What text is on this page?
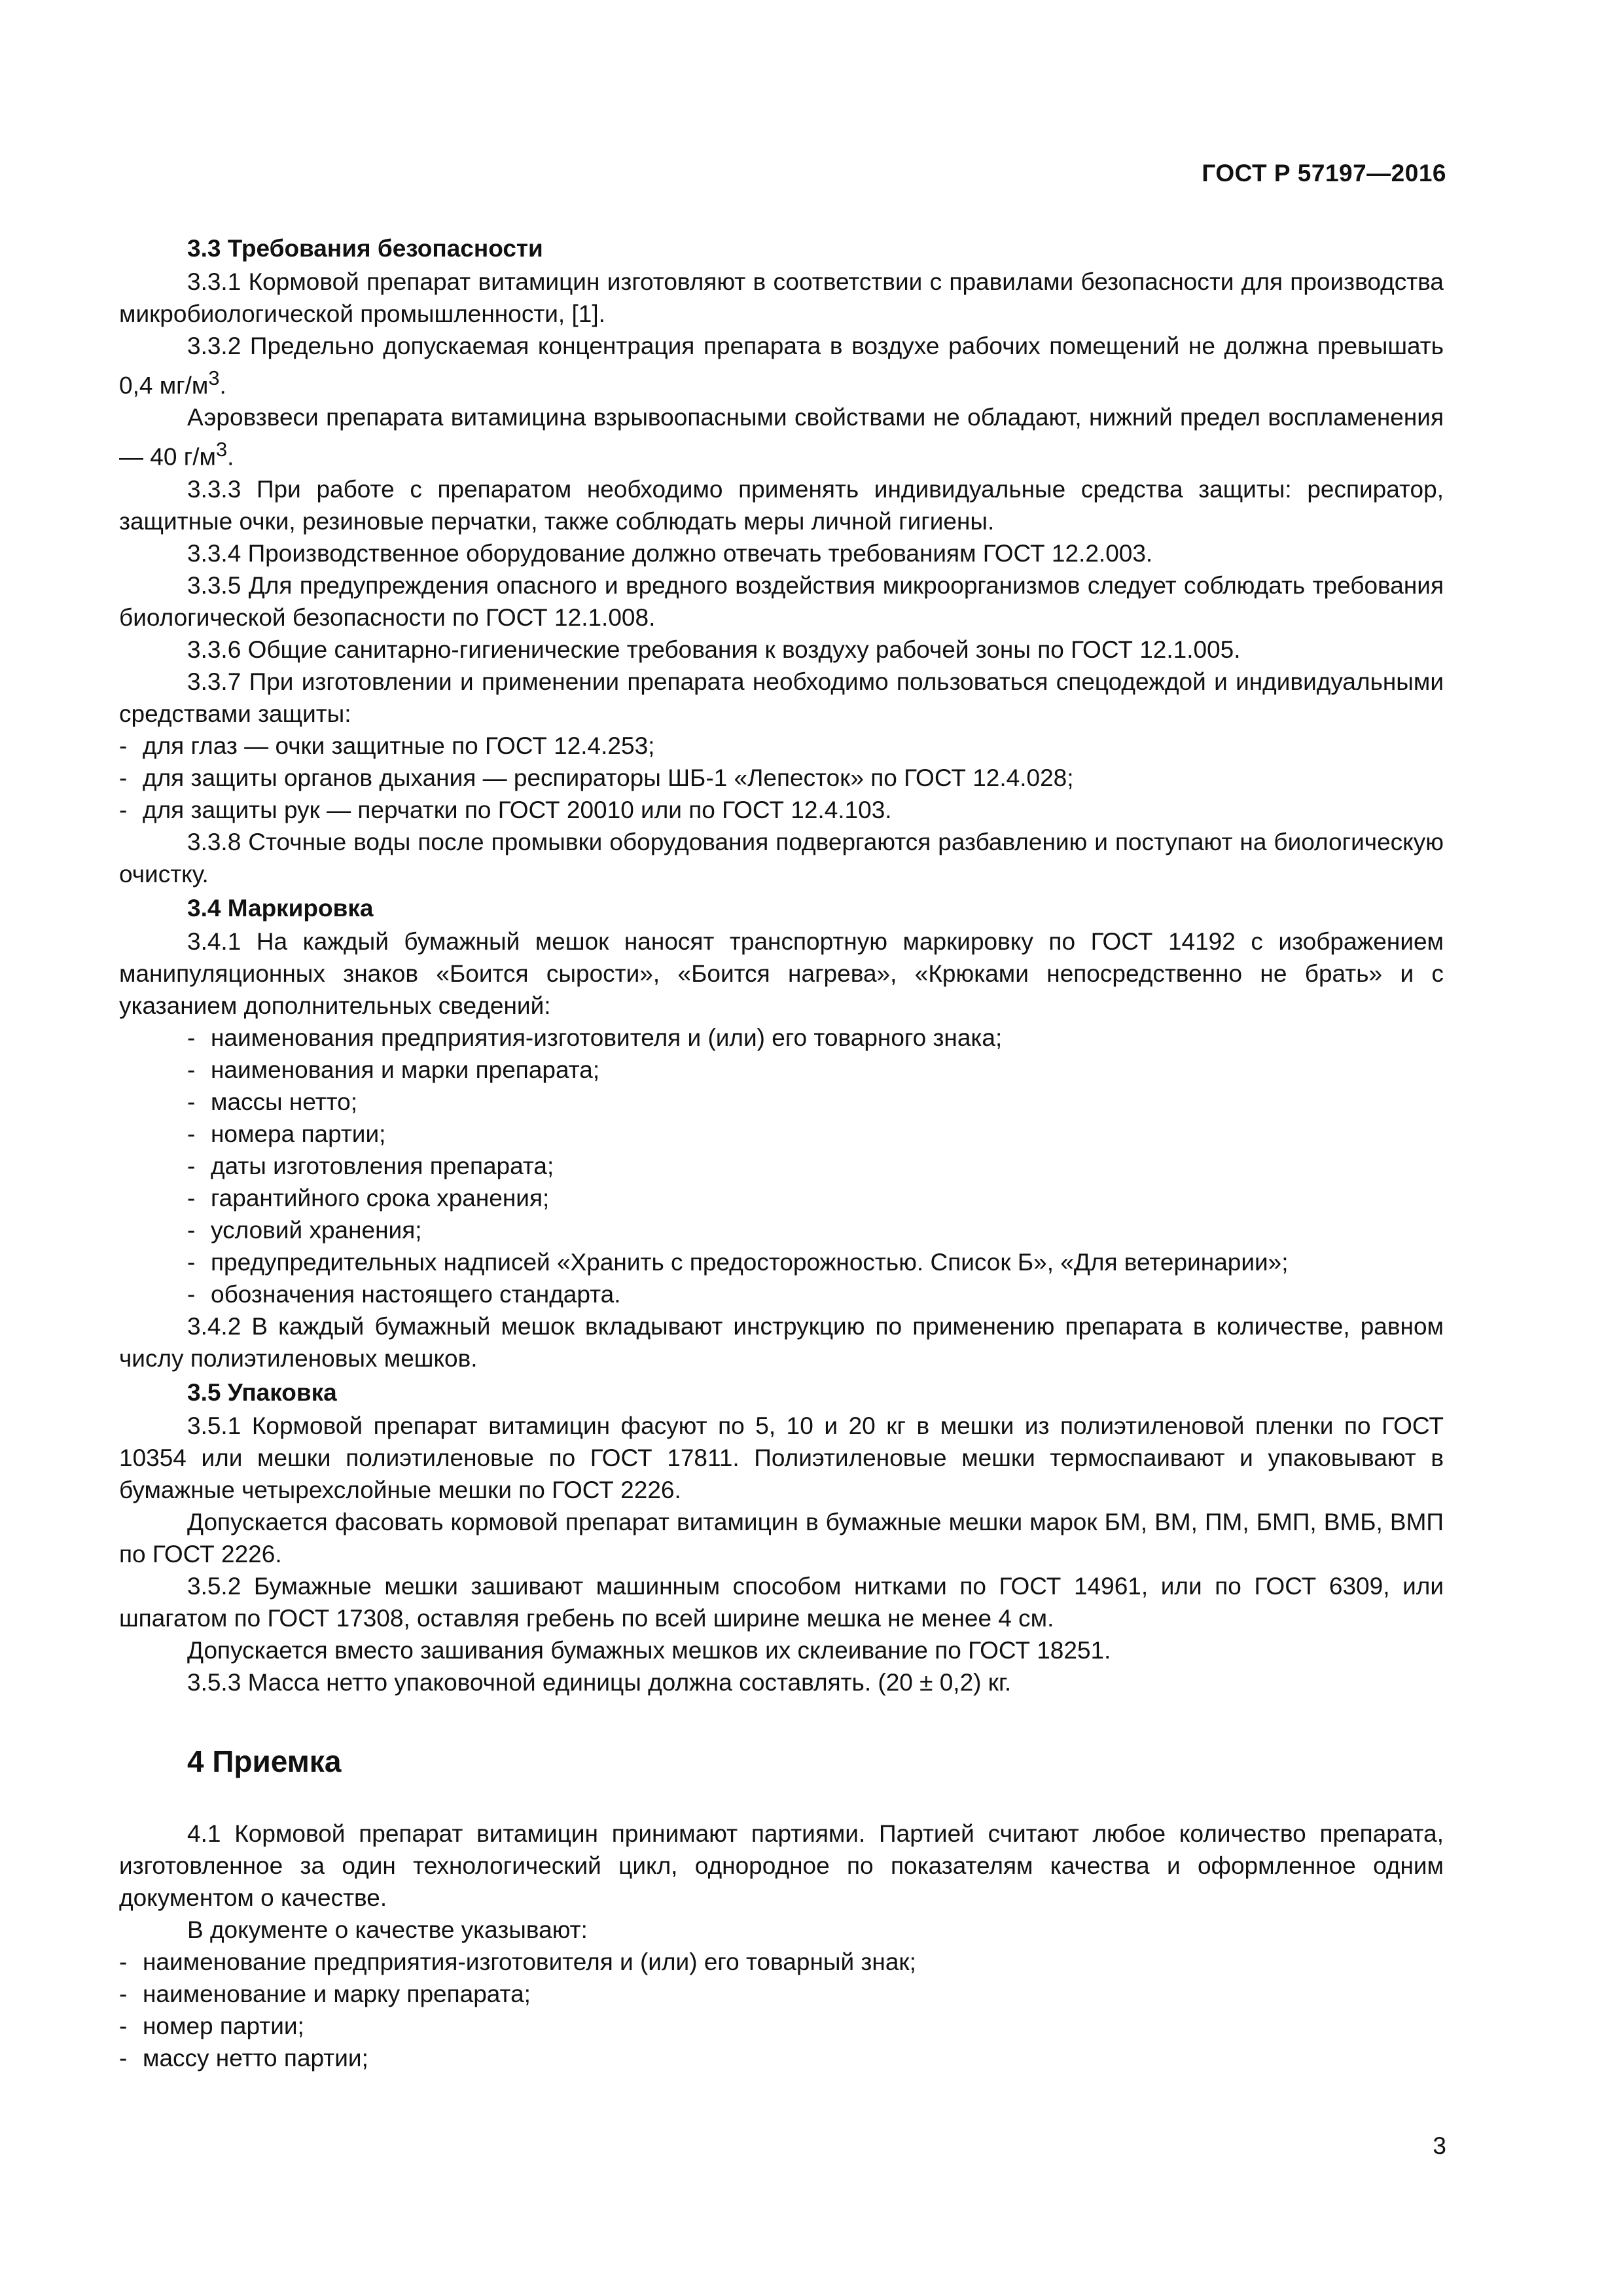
ГОСТ Р 57197—2016

3.3 Требования безопасности

3.3.1 Кормовой препарат витамицин изготовляют в соответствии с правилами безопасности для производства микробиологической промышленности, [1].

3.3.2 Предельно допускаемая концентрация препарата в воздухе рабочих помещений не должна превышать 0,4 $мг/м^3$.

Аэровзвеси препарата витамицина взрывоопасными свойствами не обладают, нижний предел воспламенения — 40 $г/м^3$.

3.3.3 При работе с препаратом необходимо применять индивидуальные средства защиты: респиратор, защитные очки, резиновые перчатки, также соблюдать меры личной гигиены.

3.3.4 Производственное оборудование должно отвечать требованиям ГОСТ 12.2.003.

3.3.5 Для предупреждения опасного и вредного воздействия микроорганизмов следует соблюдать требования биологической безопасности по ГОСТ 12.1.008.

3.3.6 Общие санитарно-гигиенические требования к воздуху рабочей зоны по ГОСТ 12.1.005.

3.3.7 При изготовлении и применении препарата необходимо пользоваться спецодеждой и индивидуальными средствами защиты:

- для глаз — очки защитные по ГОСТ 12.4.253;
- для защиты органов дыхания — респираторы ШБ-1 «Лепесток» по ГОСТ 12.4.028;
- для защиты рук — перчатки по ГОСТ 20010 или по ГОСТ 12.4.103.

3.3.8 Сточные воды после промывки оборудования подвергаются разбавлению и поступают на биологическую очистку.

3.4 Маркировка

3.4.1 На каждый бумажный мешок наносят транспортную маркировку по ГОСТ 14192 с изображением манипуляционных знаков «Боится сырости», «Боится нагрева», «Крюками непосредственно не брать» и с указанием дополнительных сведений:

- наименования предприятия-изготовителя и (или) его товарного знака;
- наименования и марки препарата;
- массы нетто;
- номера партии;
- даты изготовления препарата;
- гарантийного срока хранения;
- условий хранения;
- предупредительных надписей «Хранить с предосторожностью. Список Б», «Для ветеринарии»;
- обозначения настоящего стандарта.

3.4.2 В каждый бумажный мешок вкладывают инструкцию по применению препарата в количестве, равном числу полиэтиленовых мешков.

3.5 Упаковка

3.5.1 Кормовой препарат витамицин фасуют по 5, 10 и 20 кг в мешки из полиэтиленовой пленки по ГОСТ 10354 или мешки полиэтиленовые по ГОСТ 17811. Полиэтиленовые мешки термоспаивают и упаковывают в бумажные четырехслойные мешки по ГОСТ 2226.

Допускается фасовать кормовой препарат витамицин в бумажные мешки марок БМ, ВМ, ПМ, БМП, ВМБ, ВМП по ГОСТ 2226.

3.5.2 Бумажные мешки зашивают машинным способом нитками по ГОСТ 14961, или по ГОСТ 6309, или шпагатом по ГОСТ 17308, оставляя гребень по всей ширине мешка не менее 4 см.

Допускается вместо зашивания бумажных мешков их склеивание по ГОСТ 18251.

3.5.3 Масса нетто упаковочной единицы должна составлять. (20 ± 0,2) кг.

4 Приемка

4.1 Кормовой препарат витамицин принимают партиями. Партией считают любое количество препарата, изготовленное за один технологический цикл, однородное по показателям качества и оформленное одним документом о качестве.

В документе о качестве указывают:

- наименование предприятия-изготовителя и (или) его товарный знак;
- наименование и марку препарата;
- номер партии;
- массу нетто партии;
3
